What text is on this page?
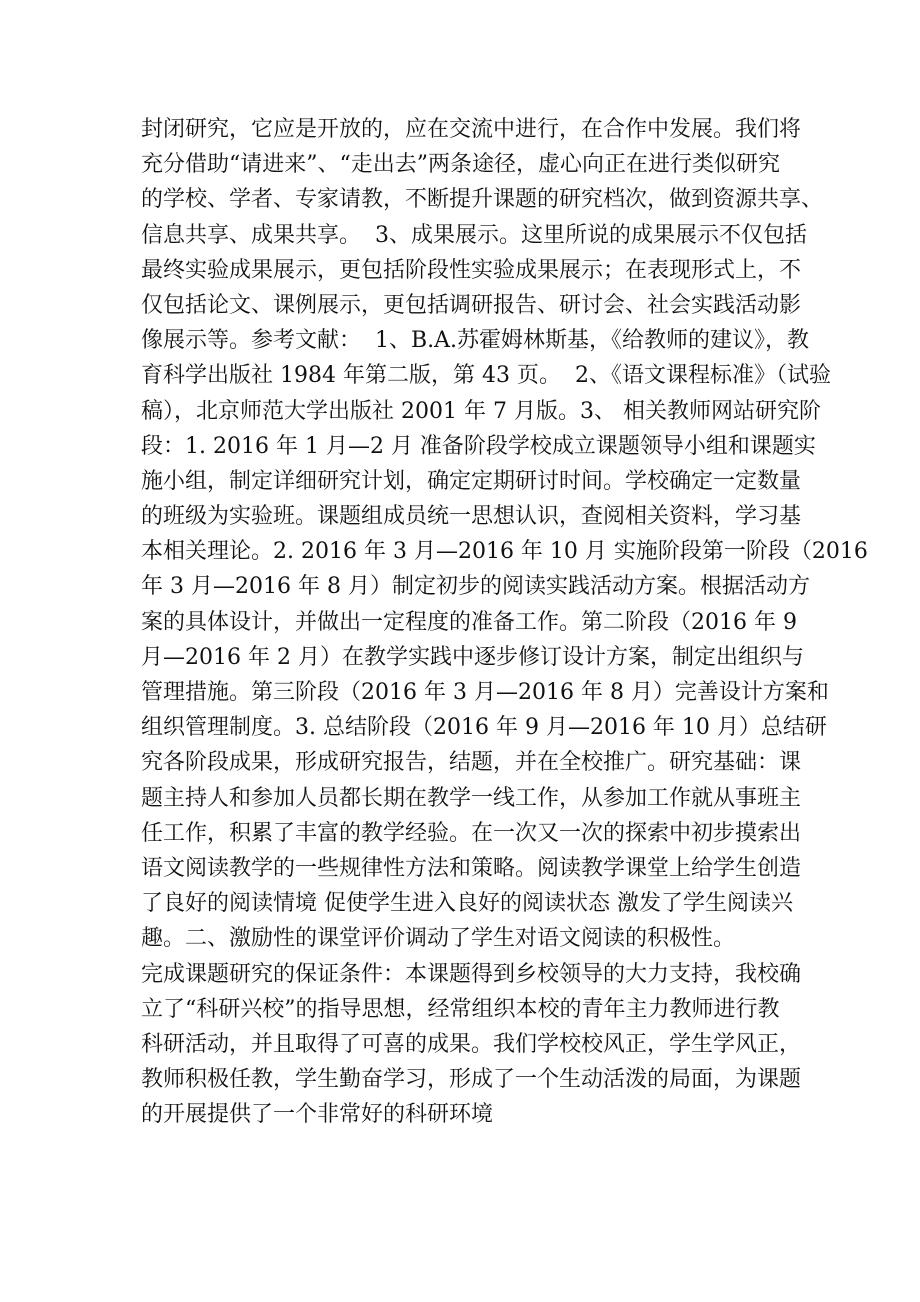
封闭研究，它应是开放的，应在交流中进行，在合作中发展。我们将
充分借助“请进来”、“走出去”两条途径，虚心向正在进行类似研究
的学校、学者、专家请教，不断提升课题的研究档次，做到资源共享、
信息共享、成果共享。  3、成果展示。这里所说的成果展示不仅包括
最终实验成果展示，更包括阶段性实验成果展示；在表现形式上，不
仅包括论文、课例展示，更包括调研报告、研讨会、社会实践活动影
像展示等。参考文献：  1、B.A.苏霍姆林斯基，《给教师的建议》，教
育科学出版社 1984 年第二版，第 43 页。  2、《语文课程标准》（试验
稿），北京师范大学出版社 2001 年 7 月版。3、 相关教师网站研究阶
段：1. 2016 年 1 月—2 月 准备阶段学校成立课题领导小组和课题实
施小组，制定详细研究计划，确定定期研讨时间。学校确定一定数量
的班级为实验班。课题组成员统一思想认识，查阅相关资料，学习基
本相关理论。2. 2016 年 3 月—2016 年 10 月 实施阶段第一阶段（2016
年 3 月—2016 年 8 月）制定初步的阅读实践活动方案。根据活动方
案的具体设计，并做出一定程度的准备工作。第二阶段（2016 年 9
月—2016 年 2 月）在教学实践中逐步修订设计方案，制定出组织与
管理措施。第三阶段（2016 年 3 月—2016 年 8 月）完善设计方案和
组织管理制度。3. 总结阶段（2016 年 9 月—2016 年 10 月）总结研
究各阶段成果，形成研究报告，结题，并在全校推广。研究基础：课
题主持人和参加人员都长期在教学一线工作，从参加工作就从事班主
任工作，积累了丰富的教学经验。在一次又一次的探索中初步摸索出
语文阅读教学的一些规律性方法和策略。阅读教学课堂上给学生创造
了良好的阅读情境 促使学生进入良好的阅读状态 激发了学生阅读兴
趣。二、激励性的课堂评价调动了学生对语文阅读的积极性。
完成课题研究的保证条件：本课题得到乡校领导的大力支持，我校确
立了“科研兴校”的指导思想，经常组织本校的青年主力教师进行教
科研活动，并且取得了可喜的成果。我们学校校风正，学生学风正，
教师积极任教，学生勤奋学习，形成了一个生动活泼的局面，为课题
的开展提供了一个非常好的科研环境
